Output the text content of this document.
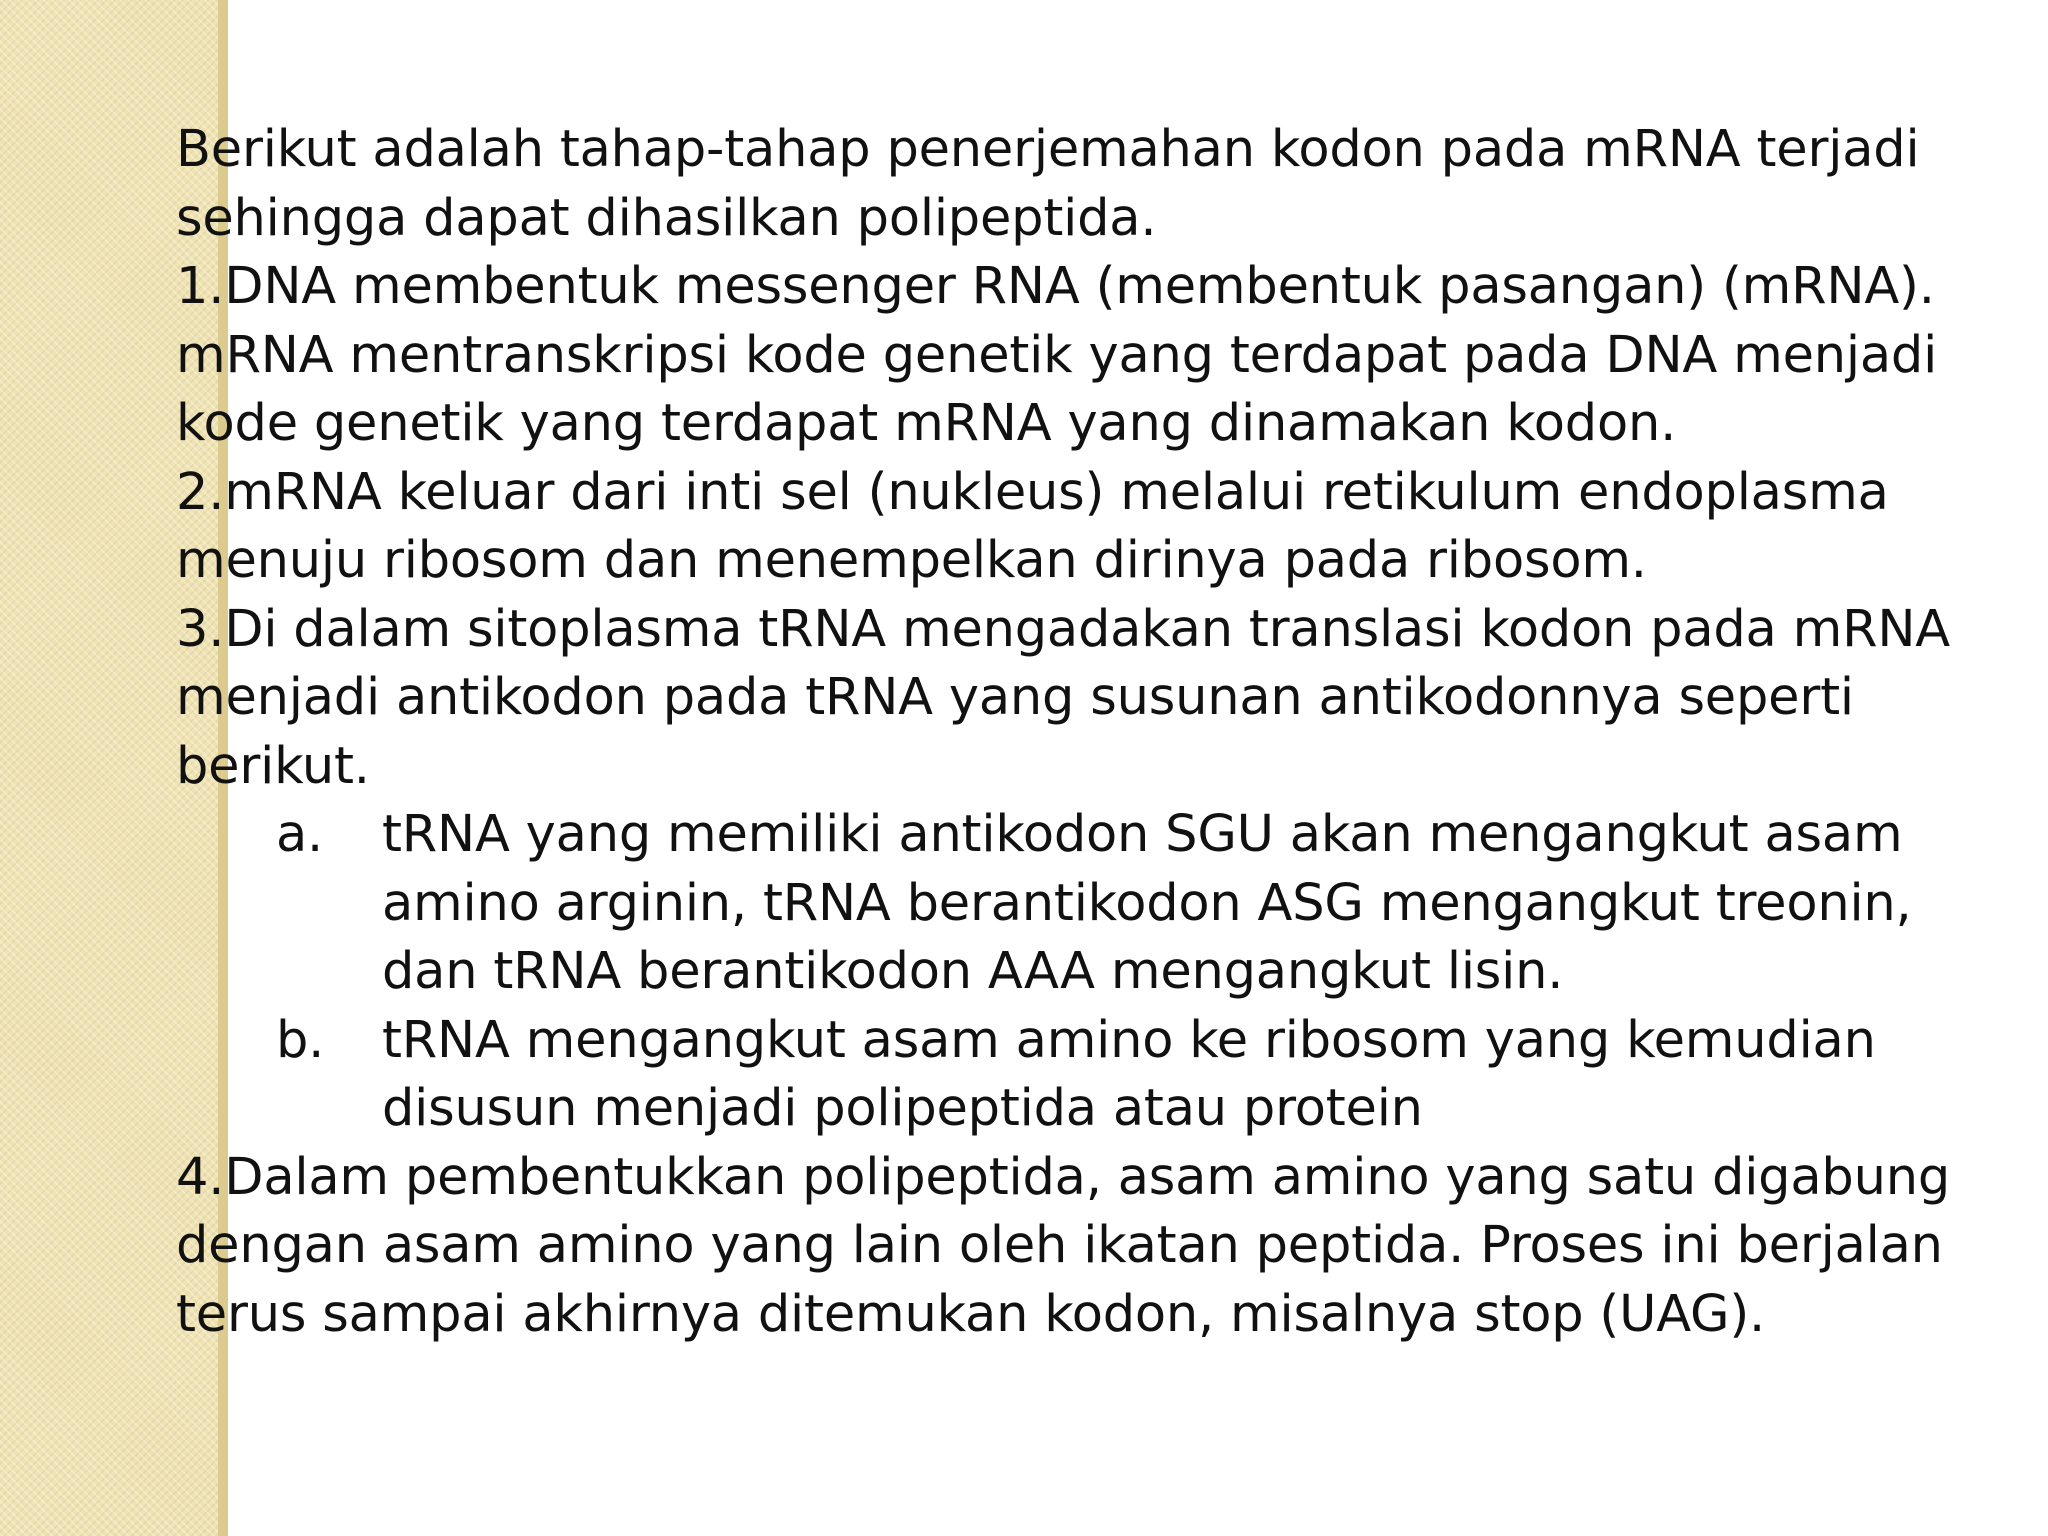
Berikut adalah tahap-tahap penerjemahan kodon pada mRNA terjadi sehingga dapat dihasilkan polipeptida.

1.DNA membentuk messenger RNA (membentuk pasangan) (mRNA). mRNA mentranskripsi kode genetik yang terdapat pada DNA menjadi kode genetik yang terdapat mRNA yang dinamakan kodon.

2.mRNA keluar dari inti sel (nukleus) melalui retikulum endoplasma menuju ribosom dan menempelkan dirinya pada ribosom.

3.Di dalam sitoplasma tRNA mengadakan translasi kodon pada mRNA menjadi antikodon pada tRNA yang susunan antikodonnya seperti berikut.

a.	tRNA yang memiliki antikodon SGU akan mengangkut asam amino arginin, tRNA berantikodon ASG mengangkut treonin, dan tRNA berantikodon AAA mengangkut lisin.
b.	tRNA mengangkut asam amino ke ribosom yang kemudian disusun menjadi polipeptida atau protein

4.Dalam pembentukkan polipeptida, asam amino yang satu digabung dengan asam amino yang lain oleh ikatan peptida. Proses ini berjalan terus sampai akhirnya ditemukan kodon, misalnya stop (UAG).
